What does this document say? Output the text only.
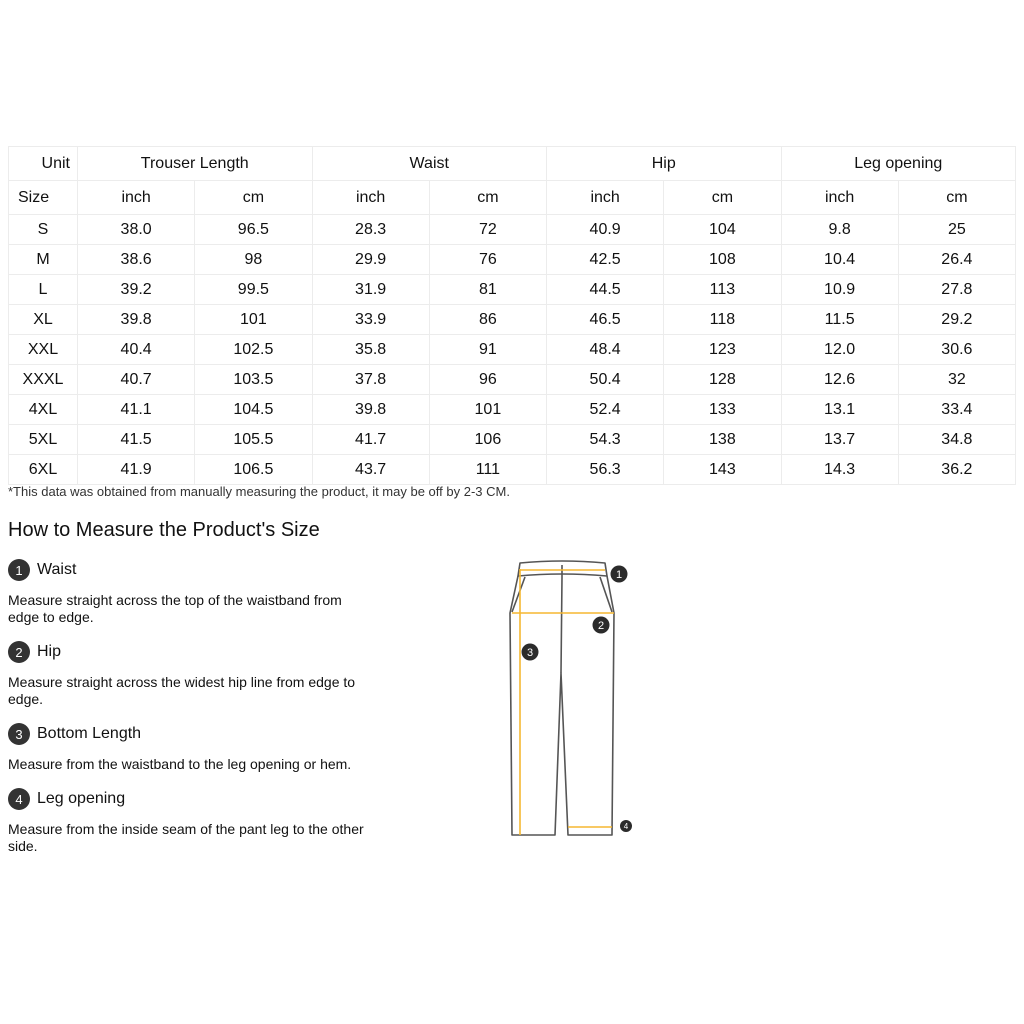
Unit	Trouser Length		Waist		Hip		Leg opening	
Size	inch	cm	inch	cm	inch	cm	inch	cm
S	38.0	96.5	28.3	72	40.9	104	9.8	25
M	38.6	98	29.9	76	42.5	108	10.4	26.4
L	39.2	99.5	31.9	81	44.5	113	10.9	27.8
XL	39.8	101	33.9	86	46.5	118	11.5	29.2
XXL	40.4	102.5	35.8	91	48.4	123	12.0	30.6
XXXL	40.7	103.5	37.8	96	50.4	128	12.6	32
4XL	41.1	104.5	39.8	101	52.4	133	13.1	33.4
5XL	41.5	105.5	41.7	106	54.3	138	13.7	34.8
6XL	41.9	106.5	43.7	111	56.3	143	14.3	36.2
*This data was obtained from manually measuring the product, it may be off by 2-3 CM.
How to Measure the Product's Size
1 Waist
Measure straight across the top of the waistband from edge to edge.
2 Hip
Measure straight across the widest hip line from edge to edge.
3 Bottom Length
Measure from the waistband to the leg opening or hem.
4 Leg opening
Measure from the inside seam of the pant leg to the other side.
1
2
3
4
